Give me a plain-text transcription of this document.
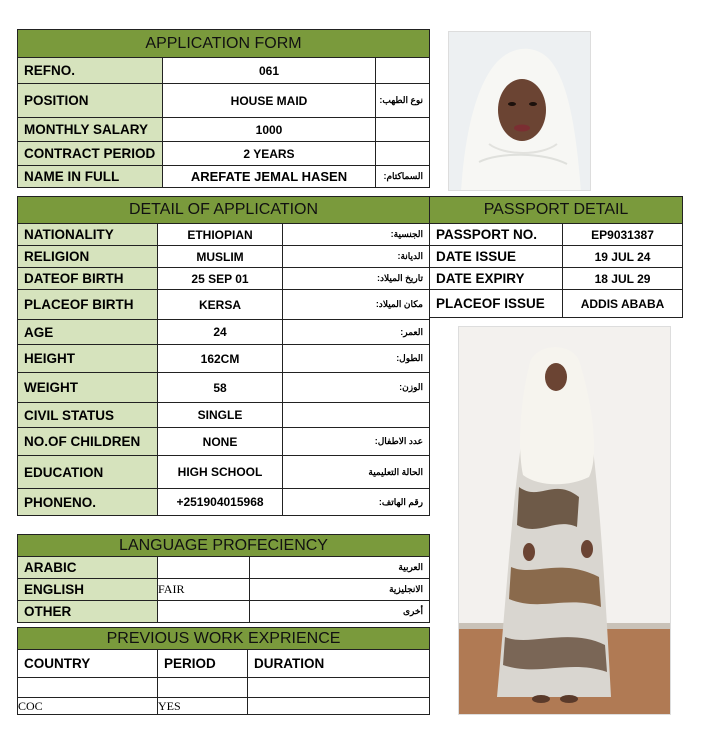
APPLICATION FORM		
REFNO.	061	
POSITION	HOUSE MAID	نوع الطهب:
MONTHLY SALARY	1000	
CONTRACT PERIOD	2 YEARS	
NAME IN FULL	AREFATE JEMAL HASEN	السماكتام:
DETAIL OF APPLICATION		
NATIONALITY	ETHIOPIAN	الجنسية:
RELIGION	MUSLIM	الديانة:
DATEOF BIRTH	25 SEP 01	تاريخ الميلاد:
PLACEOF BIRTH	KERSA	مكان الميلاد:
AGE	24	العمر:
HEIGHT	162CM	الطول:
WEIGHT	58	الوزن:
CIVIL STATUS	SINGLE	
NO.OF CHILDREN	NONE	عدد الاطفال:
EDUCATION	HIGH SCHOOL	الحالة التعليمية
PHONENO.	+251904015968	رقم الهاتف:
PASSPORT DETAIL	
PASSPORT NO.	EP9031387
DATE ISSUE	19 JUL 24
DATE EXPIRY	18 JUL 29
PLACEOF ISSUE	ADDIS ABABA
LANGUAGE PROFECIENCY		
ARABIC		العربية
ENGLISH	FAIR	الانجليزية
OTHER		أخرى
PREVIOUS WORK EXPRIENCE		
COUNTRY	PERIOD	DURATION

COC	YES	
